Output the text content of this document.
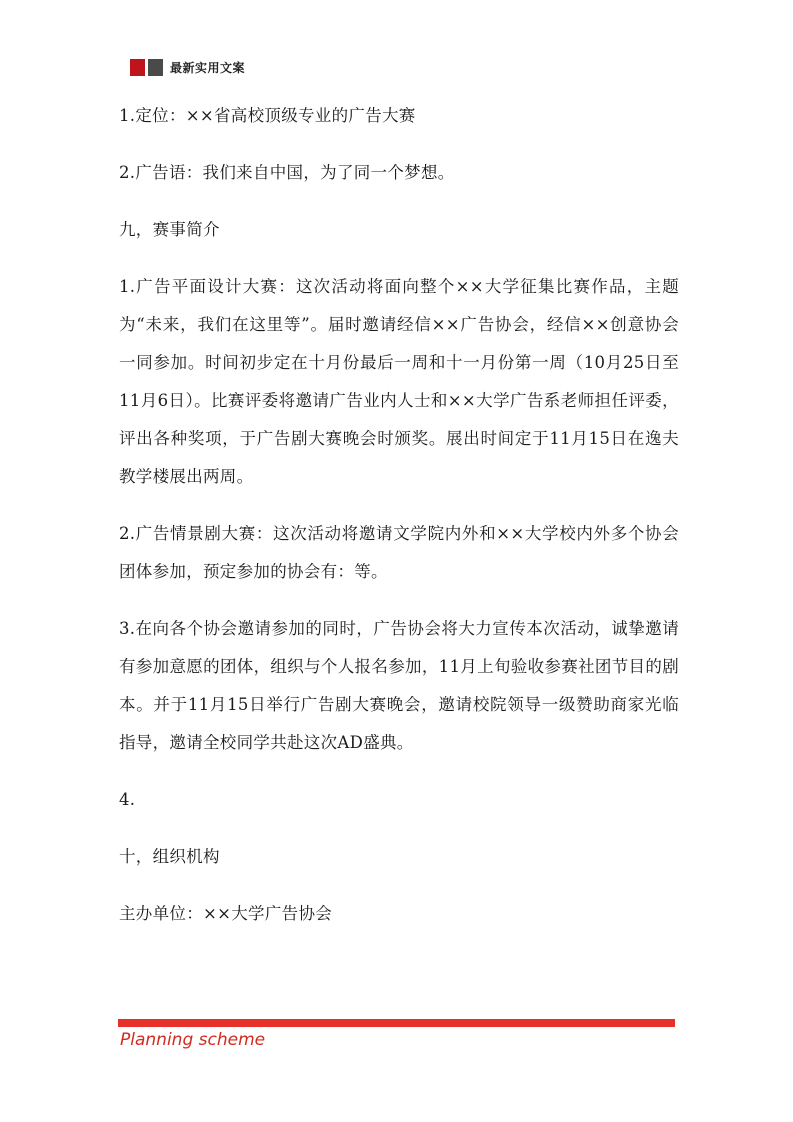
最新实用文案

1.定位：××省高校顶级专业的广告大赛

2.广告语：我们来自中国，为了同一个梦想。

九，赛事简介

1.广告平面设计大赛：这次活动将面向整个××大学征集比赛作品，主题为“未来，我们在这里等”。届时邀请经信××广告协会，经信××创意协会一同参加。时间初步定在十月份最后一周和十一月份第一周（10月25日至11月6日）。比赛评委将邀请广告业内人士和××大学广告系老师担任评委，评出各种奖项，于广告剧大赛晚会时颁奖。展出时间定于11月15日在逸夫教学楼展出两周。

2.广告情景剧大赛：这次活动将邀请文学院内外和××大学校内外多个协会团体参加，预定参加的协会有：等。

3.在向各个协会邀请参加的同时，广告协会将大力宣传本次活动，诚挚邀请有参加意愿的团体，组织与个人报名参加，11月上旬验收参赛社团节目的剧本。并于11月15日举行广告剧大赛晚会，邀请校院领导一级赞助商家光临指导，邀请全校同学共赴这次AD盛典。

4.

十，组织机构

主办单位：××大学广告协会

Planning scheme
